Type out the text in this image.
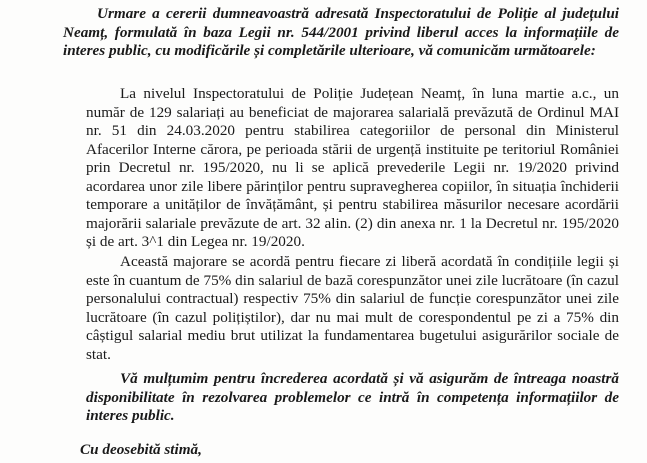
Urmare a cererii dumneavoastră adresată Inspectoratului de Poliție al județului Neamț, formulată în baza Legii nr. 544/2001 privind liberul acces la informațiile de interes public, cu modificările și completările ulterioare, vă comunicăm următoarele:

La nivelul Inspectoratului de Poliție Județean Neamț, în luna martie a.c., un număr de 129 salariați au beneficiat de majorarea salarială prevăzută de Ordinul MAI nr. 51 din 24.03.2020 pentru stabilirea categoriilor de personal din Ministerul Afacerilor Interne cărora, pe perioada stării de urgență instituite pe teritoriul României prin Decretul nr. 195/2020, nu li se aplică prevederile Legii nr. 19/2020 privind acordarea unor zile libere părinților pentru supravegherea copiilor, în situația închiderii temporare a unităților de învățământ, și pentru stabilirea măsurilor necesare acordării majorării salariale prevăzute de art. 32 alin. (2) din anexa nr. 1 la Decretul nr. 195/2020 și de art. 3^1 din Legea nr. 19/2020.

Această majorare se acordă pentru fiecare zi liberă acordată în condițiile legii și este în cuantum de 75% din salariul de bază corespunzător unei zile lucrătoare (în cazul personalului contractual) respectiv 75% din salariul de funcție corespunzător unei zile lucrătoare (în cazul polițiștilor), dar nu mai mult de corespondentul pe zi a 75% din câștigul salarial mediu brut utilizat la fundamentarea bugetului asigurărilor sociale de stat.

Vă mulțumim pentru încrederea acordată și vă asigurăm de întreaga noastră disponibilitate în rezolvarea problemelor ce intră în competența informațiilor de interes public.

Cu deosebită stimă,
